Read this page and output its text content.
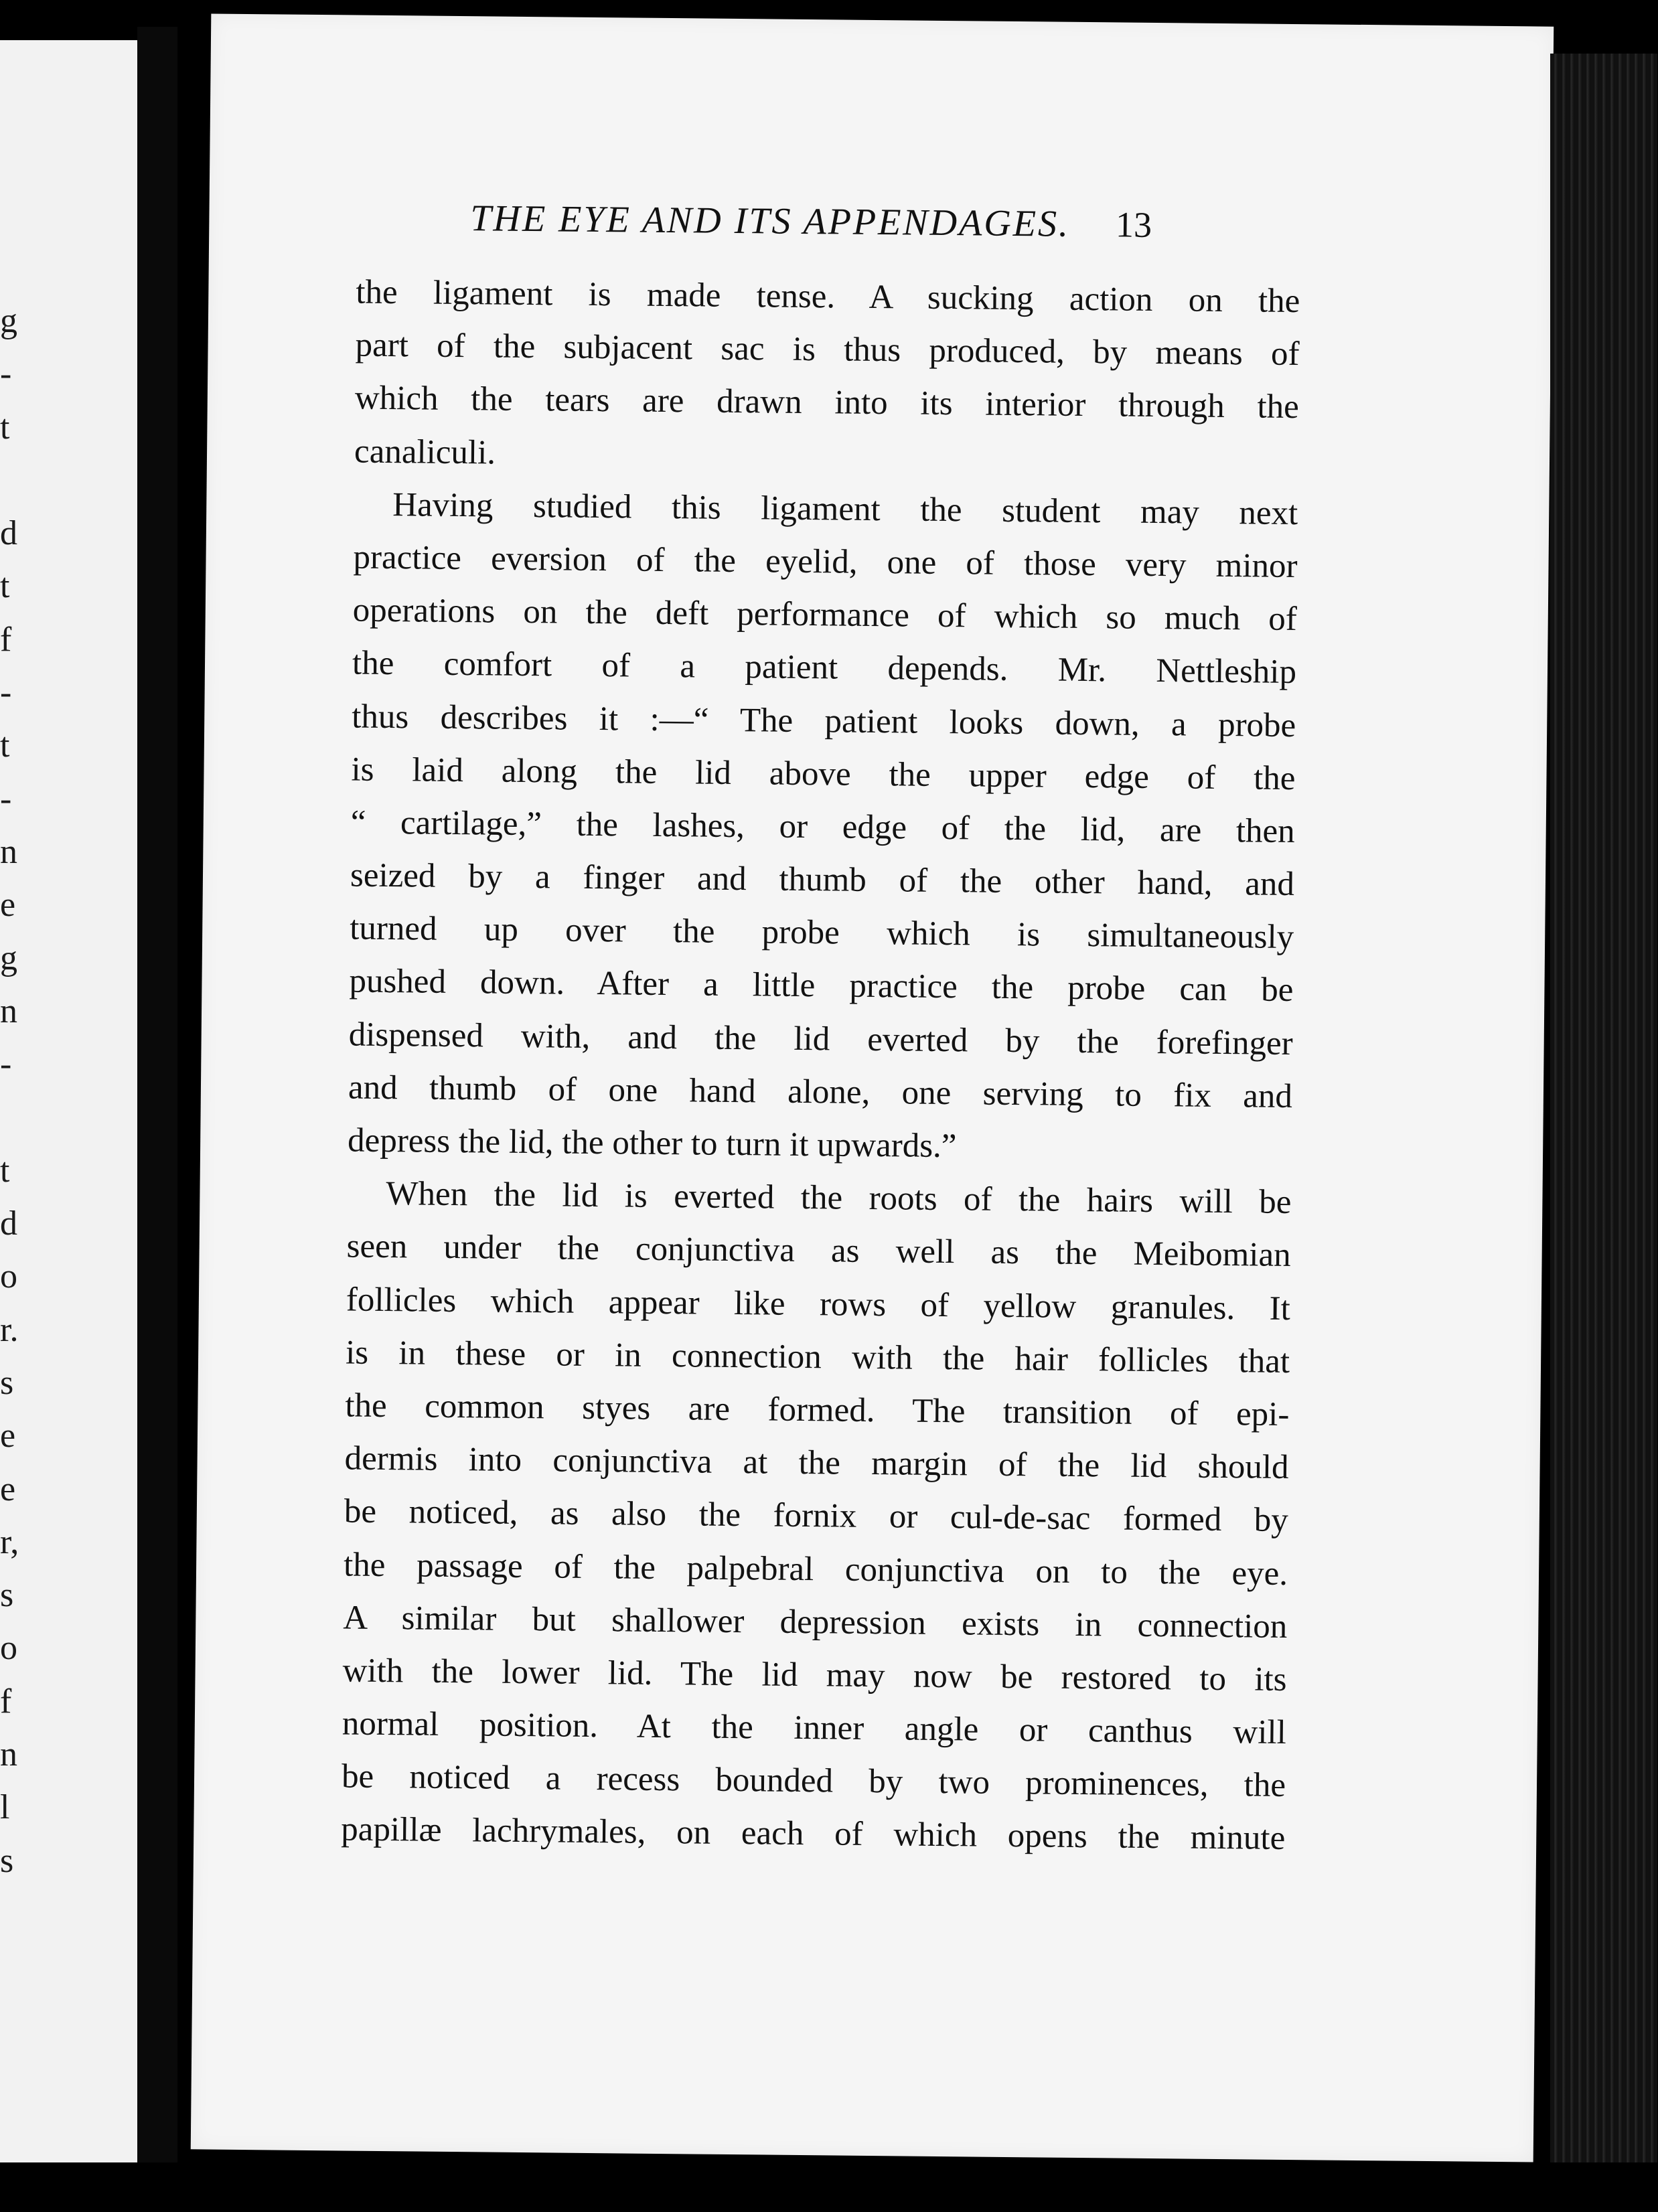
g
-
t
d
t
f
-
t
-
n
e
g
n
-
t
d
o
r.
s
e
e
r,
s
o
f
n
l
s
THE EYE AND ITS APPENDAGES. 13
the ligament is made tense. A sucking action on the
part of the subjacent sac is thus produced, by means of
which the tears are drawn into its interior through the
canaliculi.
Having studied this ligament the student may next
practice eversion of the eyelid, one of those very minor
operations on the deft performance of which so much of
the comfort of a patient depends. Mr. Nettleship
thus describes it :—“ The patient looks down, a probe
is laid along the lid above the upper edge of the
“ cartilage,” the lashes, or edge of the lid, are then
seized by a finger and thumb of the other hand, and
turned up over the probe which is simultaneously
pushed down. After a little practice the probe can be
dispensed with, and the lid everted by the forefinger
and thumb of one hand alone, one serving to fix and
depress the lid, the other to turn it upwards.”
When the lid is everted the roots of the hairs will be
seen under the conjunctiva as well as the Meibomian
follicles which appear like rows of yellow granules. It
is in these or in connection with the hair follicles that
the common styes are formed. The transition of epi-
dermis into conjunctiva at the margin of the lid should
be noticed, as also the fornix or cul-de-sac formed by
the passage of the palpebral conjunctiva on to the eye.
A similar but shallower depression exists in connection
with the lower lid. The lid may now be restored to its
normal position. At the inner angle or canthus will
be noticed a recess bounded by two prominences, the
papillæ lachrymales, on each of which opens the minute
